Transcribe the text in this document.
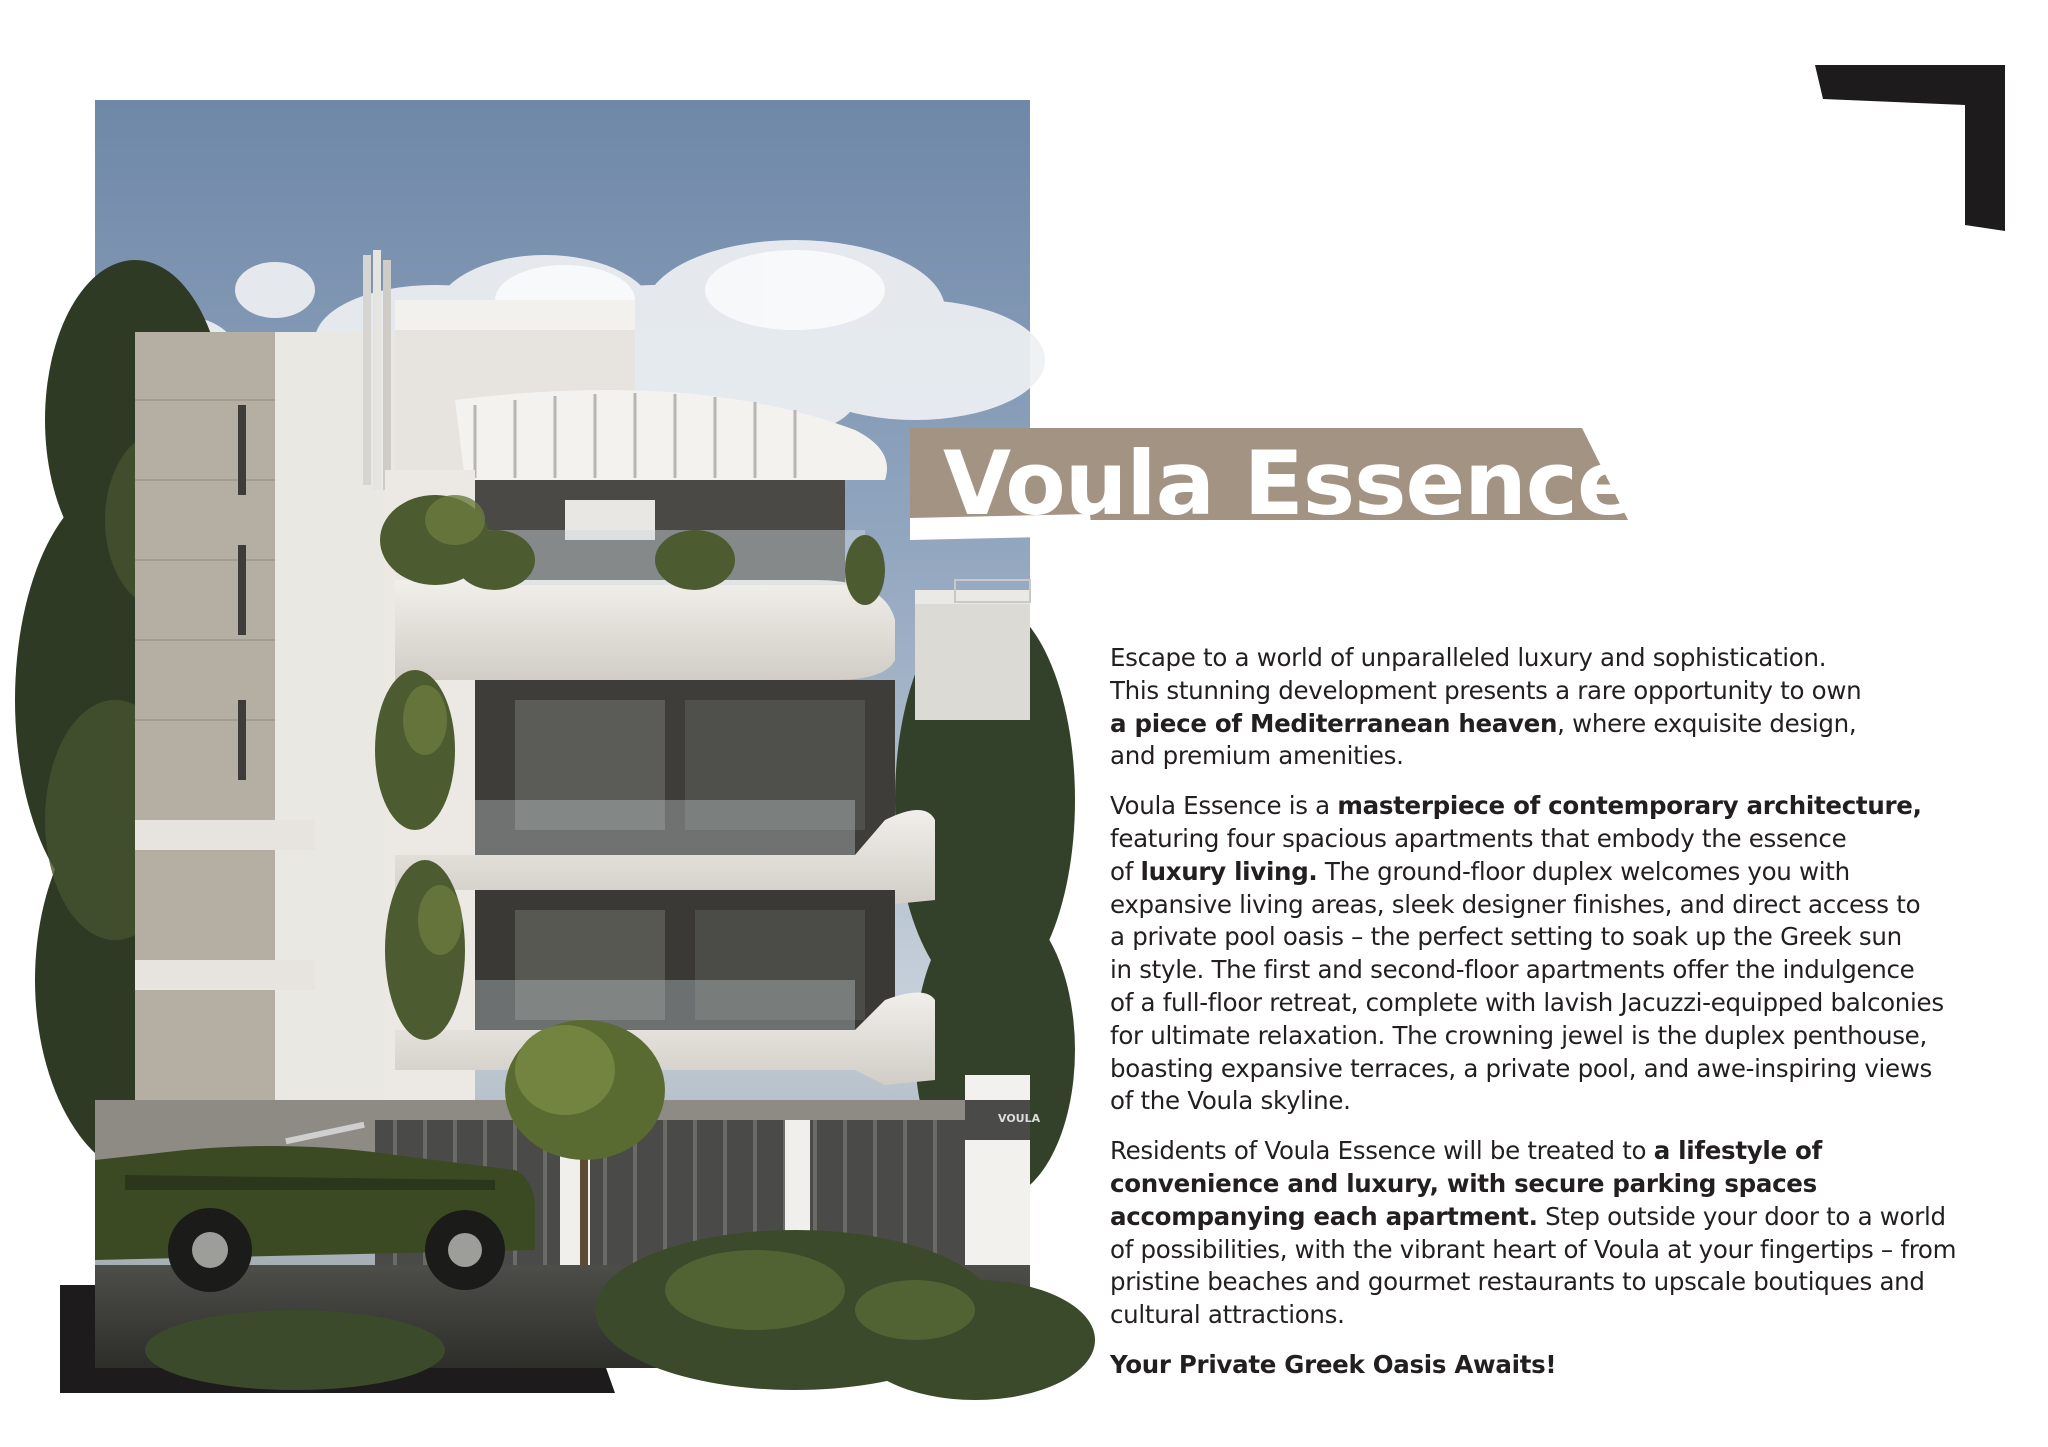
VOULA
Voula Essence

Escape to a world of unparalleled luxury and sophistication.
This stunning development presents a rare opportunity to own
a piece of Mediterranean heaven, where exquisite design,
and premium amenities.

Voula Essence is a masterpiece of contemporary architecture,
featuring four spacious apartments that embody the essence
of luxury living. The ground-floor duplex welcomes you with
expansive living areas, sleek designer finishes, and direct access to
a private pool oasis – the perfect setting to soak up the Greek sun
in style. The first and second-floor apartments offer the indulgence
of a full-floor retreat, complete with lavish Jacuzzi-equipped balconies
for ultimate relaxation. The crowning jewel is the duplex penthouse,
boasting expansive terraces, a private pool, and awe-inspiring views
of the Voula skyline.

Residents of Voula Essence will be treated to a lifestyle of
convenience and luxury, with secure parking spaces
accompanying each apartment. Step outside your door to a world
of possibilities, with the vibrant heart of Voula at your fingertips – from
pristine beaches and gourmet restaurants to upscale boutiques and
cultural attractions.

Your Private Greek Oasis Awaits!
